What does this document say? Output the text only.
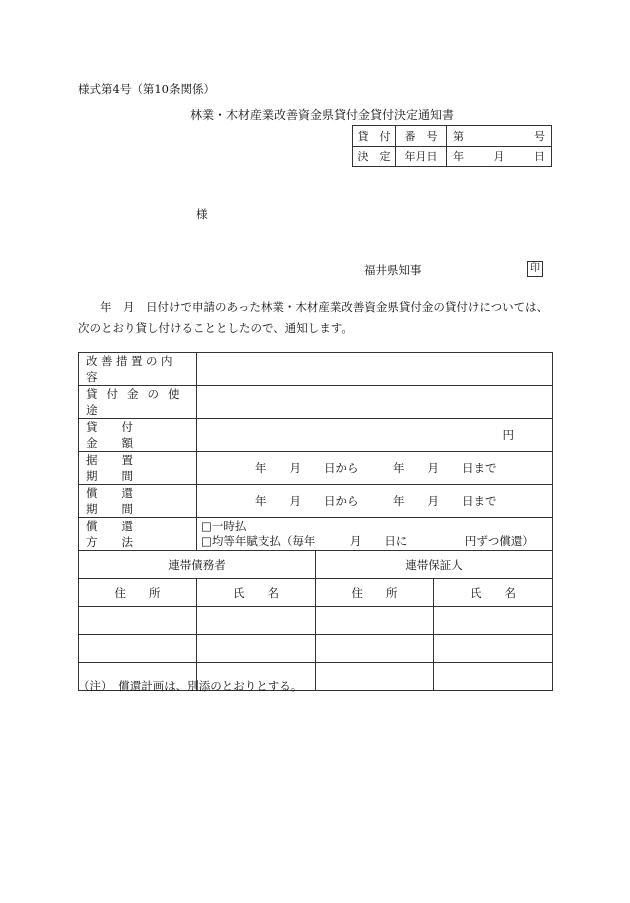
様式第4号（第10条関係）
林業・木材産業改善資金県貸付金貸付決定通知書
貸　付	番　号	第 号

決　定	年月日	年 月 日
様
福井県知事	印
年　月　日付けで申請のあった林業・木材産業改善資金県貸付金の貸付けについては、
次のとおり貸し付けることとしたので、通知します。
改善措置の内容			
貸付金の使途			
貸付金額	円		
据置期間	年　　月　　日から　　　年　　月　　日まで		
償還期間	年　　月　　日から　　　年　　月　　日まで		
償還方法	□一時払
□均等年賦支払（毎年　　　月　　日に　　　　　円ずつ償還）		

連帯債務者		連帯保証人	
住　　所	氏　　名	住　　所	氏　　名

（注）　償還計画は、別添のとおりとする。
